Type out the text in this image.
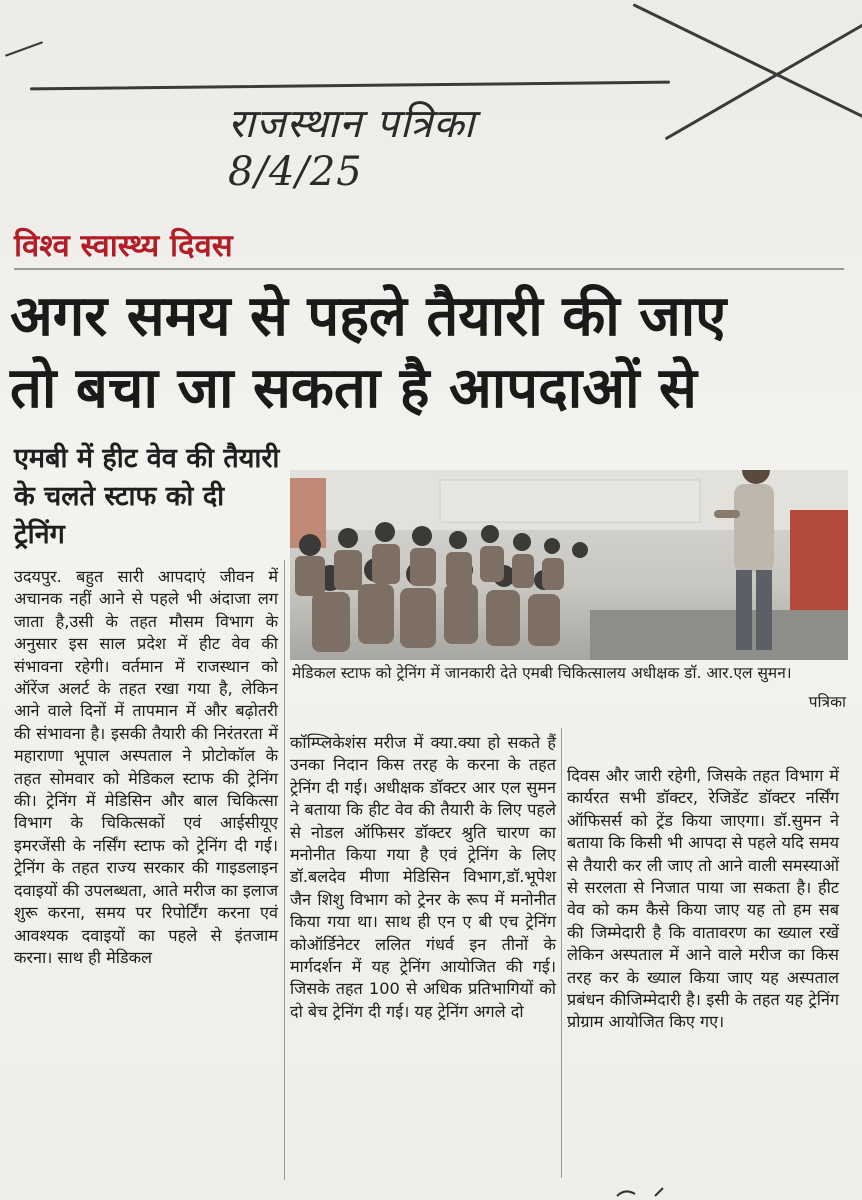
राजस्थान पत्रिका 8/4/25
विश्व स्वास्थ्य दिवस
अगर समय से पहले तैयारी की जाए
तो बचा जा सकता है आपदाओं से
एमबी में हीट वेव की तैयारी के चलते स्टाफ को दी ट्रेनिंग
मेडिकल स्टाफ को ट्रेनिंग में जानकारी देते एमबी चिकित्सालय अधीक्षक डॉ. आर.एल सुमन।
पत्रिका
उदयपुर. बहुत सारी आपदाएं जीवन में अचानक नहीं आने से पहले भी अंदाजा लग जाता है,उसी के तहत मौसम विभाग के अनुसार इस साल प्रदेश में हीट वेव की संभावना रहेगी। वर्तमान में राजस्थान को ऑरेंज अलर्ट के तहत रखा गया है, लेकिन आने वाले दिनों में तापमान में और बढ़ोतरी की संभावना है। इसकी तैयारी की निरंतरता में महाराणा भूपाल अस्पताल ने प्रोटोकॉल के तहत सोमवार को मेडिकल स्टाफ की ट्रेनिंग की। ट्रेनिंग में मेडिसिन और बाल चिकित्सा विभाग के चिकित्सकों एवं आईसीयूए इमरजेंसी के नर्सिंग स्टाफ को ट्रेनिंग दी गई। ट्रेनिंग के तहत राज्य सरकार की गाइडलाइन दवाइयों की उपलब्धता, आते मरीज का इलाज शुरू करना, समय पर रिपोर्टिंग करना एवं आवश्यक दवाइयों का पहले से इंतजाम करना। साथ ही मेडिकल
कॉम्प्लिकेशंस मरीज में क्या.क्या हो सकते हैं उनका निदान किस तरह के करना के तहत ट्रेनिंग दी गई। अधीक्षक डॉक्टर आर एल सुमन ने बताया कि हीट वेव की तैयारी के लिए पहले से नोडल ऑफिसर डॉक्टर श्रुति चारण का मनोनीत किया गया है एवं ट्रेनिंग के लिए डॉ.बलदेव मीणा मेडिसिन विभाग,डॉ.भूपेश जैन शिशु विभाग को ट्रेनर के रूप में मनोनीत किया गया था। साथ ही एन ए बी एच ट्रेनिंग कोऑर्डिनेटर ललित गंधर्व इन तीनों के मार्गदर्शन में यह ट्रेनिंग आयोजित की गई। जिसके तहत 100 से अधिक प्रतिभागियों को दो बेच ट्रेनिंग दी गई। यह ट्रेनिंग अगले दो
दिवस और जारी रहेगी, जिसके तहत विभाग में कार्यरत सभी डॉक्टर, रेजिडेंट डॉक्टर नर्सिंग ऑफिसर्स को ट्रेंड किया जाएगा। डॉ.सुमन ने बताया कि किसी भी आपदा से पहले यदि समय से तैयारी कर ली जाए तो आने वाली समस्याओं से सरलता से निजात पाया जा सकता है। हीट वेव को कम कैसे किया जाए यह तो हम सब की जिम्मेदारी है कि वातावरण का ख्याल रखें लेकिन अस्पताल में आने वाले मरीज का किस तरह कर के ख्याल किया जाए यह अस्पताल प्रबंधन कीजिम्मेदारी है। इसी के तहत यह ट्रेनिंग प्रोग्राम आयोजित किए गए।
